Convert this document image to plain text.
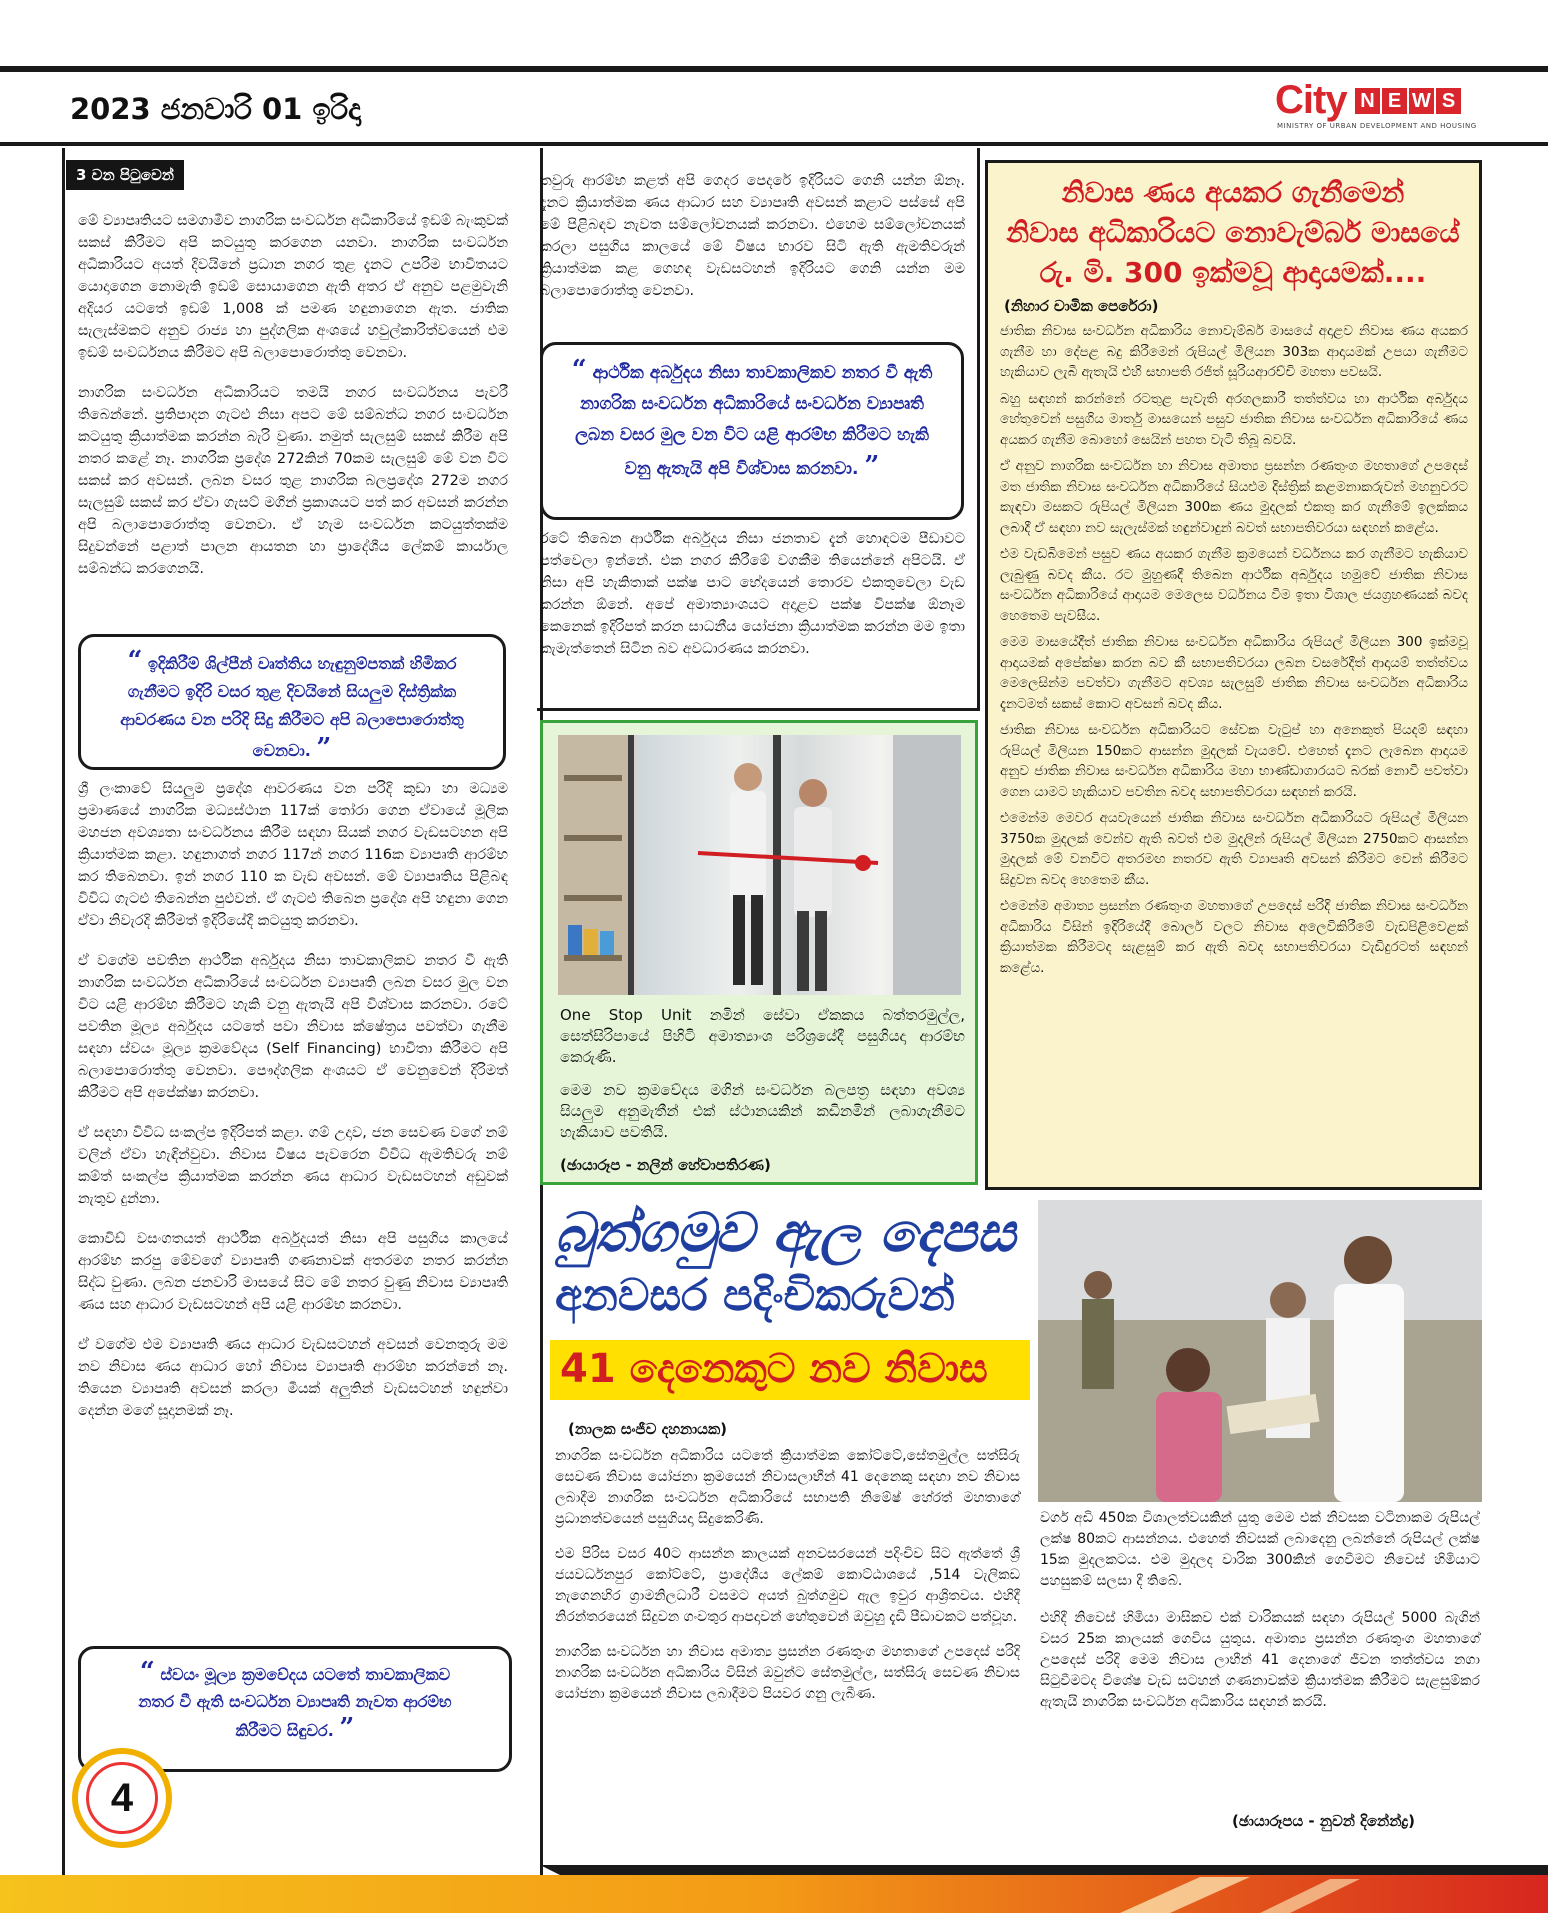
2023 ජනවාරි 01 ඉරිදා	City N E W S
MINISTRY OF URBAN DEVELOPMENT AND HOUSING
3 වන පිටුවෙන්

මේ ව්‍යාපෘතියට සමගාමීව නාගරික සංවර්ධන අධිකාරියේ ඉඩම් බැංකුවක් සකස් කිරීමට අපි කටයුතු කරගෙන යනවා. නාගරික සංවර්ධන අධිකාරියට අයත් දිවයිනේ ප්‍රධාන නගර තුළ දැනට උපරිම භාවිතයට යොදාගෙන නොමැති ඉඩම් සොයාගෙන ඇති අතර ඒ අනුව පළමුවැනි අදියර යටතේ ඉඩම් 1,008 ක් පමණ හඳුනාගෙන ඇත. ජාතික සැලැස්මකට අනුව රාජ්‍ය හා පුද්ගලික අංශයේ හවුල්කාරිත්වයෙන් එම ඉඩම් සංවර්ධනය කිරීමට අපි බලාපොරොත්තු වෙනවා.

නාගරික සංවර්ධන අධිකාරියට තමයි නගර සංවර්ධනය පැවරී තිබෙන්නේ. ප්‍රතිපාදන ගැටළු නිසා අපට මේ සම්බන්ධ නගර සංවර්ධන කටයුතු ක්‍රියාත්මක කරන්න බැරි වුණා. නමුත් සැලසුම් සකස් කිරීම අපි නතර කළේ නෑ. නාගරික ප්‍රදේශ 272කින් 70කම සැලසුම් මේ වන විට සකස් කර අවසන්. ලබන වසර තුළ නාගරික බලප්‍රදේශ 272ම නගර සැලසුම් සකස් කර ඒවා ගැසට් මගින් ප්‍රකාශයට පත් කර අවසන් කරන්න අපි බලාපොරොත්තු වෙනවා. ඒ හැම සංවර්ධන කටයුත්තක්ම සිදුවන්නේ පළාත් පාලන ආයතන හා ප්‍රාදේශීය ලේකම් කාර්යාල සම්බන්ධ කරගෙනයි.

“ ඉදිකිරීම් ශිල්පීන් වෘත්තිය හැඳුනුම්පතක් හිමිකර ගැනීමට ඉදිරි වසර තුළ දිවයිනේ සියලුම දිස්ත්‍රික්ක ආවරණය වන පරිදි සිදු කිරීමට අපි බලාපොරොත්තු වෙනවා. ”

ශ්‍රී ලංකාවේ සියලුම ප්‍රදේශ ආවරණය වන පරිදි කුඩා හා මධ්‍යම ප්‍රමාණයේ නාගරික මධ්‍යස්ථාන 117ක් තෝරා ගෙන ඒවායේ මූලික මහජන අවශ්‍යතා සංවර්ධනය කිරීම සඳහා සියක් නගර වැඩසටහන අපි ක්‍රියාත්මක කළා. හඳුනාගත් නගර 117න් නගර 116ක ව්‍යාපෘති ආරම්භ කර තිබෙනවා. ඉන් නගර 110 ක වැඩ අවසන්. මේ ව්‍යාපෘතිය පිළිබඳ විවිධ ගැටළු තිබෙන්න පුළුවන්. ඒ ගැටළු තිබෙන ප්‍රදේශ අපි හඳුනා ගෙන ඒවා නිවැරදි කිරීමත් ඉදිරියේදී කටයුතු කරනවා.

ඒ වගේම පවතින ආර්ථික අර්බුදය නිසා තාවකාලිකව නතර වී ඇති නාගරික සංවර්ධන අධිකාරියේ සංවර්ධන ව්‍යාපෘති ලබන වසර මුල වන විට යළි ආරම්භ කිරීමට හැකි වනු ඇතැයි අපි විශ්වාස කරනවා. රටේ පවතින මූල්‍ය අර්බුදය යටතේ පවා නිවාස ක්ෂේත්‍රය පවත්වා ගැනීම සඳහා ස්වයං මූල්‍ය ක්‍රමවේදය (Self Financing) භාවිතා කිරීමට අපි බලාපොරොත්තු වෙනවා. පෞද්ගලික අංශයට ඒ වෙනුවෙන් දිරිමත් කිරීමට අපි අපේක්ෂා කරනවා.

ඒ සඳහා විවිධ සංකල්ප ඉදිරිපත් කළා. ගම් උදාව, ජන සෙවණ වගේ නම් වලින් ඒවා හැඳින්වුවා. නිවාස විෂය පැවරෙන විවිධ ඇමතිවරු නම් කම්ත් සංකල්ප ක්‍රියාත්මක කරන්න ණය ආධාර වැඩසටහන් අඩුවක් නැතුව දුන්නා.

කොවිඩ් වසංගතයත් ආර්ථික අර්බුදයත් නිසා අපි පසුගිය කාලයේ ආරම්භ කරපු මේවගේ ව්‍යාපෘති ගණනාවක් අතරමග නතර කරන්න සිද්ධ වුණා. ලබන ජනවාරි මාසයේ සිට මේ නතර වුණු නිවාස ව්‍යාපෘති ණය සහ ආධාර වැඩසටහන් අපි යළි ආරම්භ කරනවා.

ඒ වගේම එම ව්‍යාපෘති ණය ආධාර වැඩසටහන් අවසන් වෙනතුරු මම නව නිවාස ණය ආධාර හෝ නිවාස ව්‍යාපෘති ආරම්භ කරන්නේ නෑ. තියෙන ව්‍යාපෘති අවසන් කරලා මීයක් අලුතින් වැඩසටහන් හඳුන්වා දෙන්න මගේ සූදානමක් නෑ.

“ ස්වයං මූල්‍ය ක්‍රමවේදය යටතේ තාවකාලිකව නතර වී ඇති සංවර්ධන ව්‍යාපෘති නැවත ආරම්භ කිරීමට සිඳුවර. ”
4

තවුරු ආරම්භ කළත් අපි ගෙදර පෙදරේ ඉදිරියට ගෙනි යන්න ඕනෑ. දැනට ක්‍රියාත්මක ණය ආධාර සහ ව්‍යාපෘති අවසන් කළාට පස්සේ අපි මේ පිළිබඳව නැවත සම්ලෝචනයක් කරනවා. එහෙම සම්ලෝචනයක් කරලා පසුගිය කාලයේ මේ විෂය භාරව සිටි ඇති ඇමතිවරුන් ක්‍රියාත්මක කළ ගෙහඳ වැඩසටහන් ඉදිරියට ගෙනි යන්න මම බලාපොරොත්තු වෙනවා.

“ ආර්ථික අර්බුදය නිසා තාවකාලිකව නතර වී ඇති නාගරික සංවර්ධන අධිකාරියේ සංවර්ධන ව්‍යාපෘති ලබන වසර මුල වන විට යළි ආරම්භ කිරීමට හැකි වනු ඇතැයි අපි විශ්වාස කරනවා. ”

රටේ තිබෙන ආර්ථික අර්බුදය නිසා ජනතාව දැන් හොඳටම පීඩාවට පත්වෙලා ඉන්නේ. එක නගර කිරීමේ වගකීම තියෙන්නේ අපිටයි. ඒ නිසා අපි හැකිතාක් පක්ෂ පාට භේදයෙන් තොරව එකතුවෙලා වැඩ කරන්න ඕනේ. අපේ අමාත්‍යාංශයට අදාළව පක්ෂ විපක්ෂ ඕනෑම කෙනෙක් ඉදිරිපත් කරන සාධනීය යෝජනා ක්‍රියාත්මක කරන්න මම ඉතා කැමැත්තෙන් සිටින බව අවධාරණය කරනවා.

One Stop Unit නමින් සේවා ඒකකය බත්තරමුල්ල, සෙත්සිරිපායේ පිහිටි අමාත්‍යාංශ පරිශ්‍රයේදී පසුගියදා ආරම්භ කෙරුණි.

මෙම නව ක්‍රමවේදය මගින් සංවර්ධන බලපත්‍ර සඳහා අවශ්‍ය සියලුම අනුමැතීන් එක් ස්ථානයකින් කඩිනමින් ලබාගැනීමට හැකියාව පවතියි.

(ඡායාරූප - නලින් හේවාපතිරණ)

නිවාස ණය අයකර ගැනීමෙන්
නිවාස අධිකාරියට නොවැම්බර් මාසයේ
රු. මි. 300 ඉක්මවූ ආදායමක්....
(නිහාර චාමික පෙරේරා)

ජාතික නිවාස සංවර්ධන අධිකාරිය නොවැම්බර් මාසයේ අදාළව නිවාස ණය අයකර ගැනීම හා දේපළ බදු කිරීමෙන් රුපියල් මිලියන 303ක ආදායමක් උපයා ගැනීමට හැකියාව ලැබී ඇතැයි එහි සභාපති රජිත් සූරියආරච්චි මහතා පවසයි.

බහු සඳහන් කරන්නේ රටතුළ පැවැති අරගලකාරී තත්ත්වය හා ආර්ථික අර්බුදය හේතුවෙන් පසුගිය මාර්තු මාසයෙන් පසුව ජාතික නිවාස සංවර්ධන අධිකාරියේ ණය අයකර ගැනීම බොහෝ සෙයින් පහත වැටී තිබූ බවයි.

ඒ අනුව නාගරික සංවර්ධන හා නිවාස අමාත්‍ය ප්‍රසන්න රණතුංග මහතාගේ උපදෙස් මත ජාතික නිවාස සංවර්ධන අධිකාරියේ සියළුම දිස්ත්‍රික් කළමනාකරුවන් මහනුවරට කැඳවා මසකට රුපියල් මිලියන 300ක ණය මුදලක් එකතු කර ගැනීමේ ඉලක්කය ලබාදී ඒ සඳහා නව සැලැස්මක් හඳුන්වාදුන් බවත් සභාපතිවරයා සඳහන් කළේය.

එම වැඩබිමෙන් පසුව ණය අයකර ගැනීම ක්‍රමයෙන් වර්ධනය කර ගැනීමට හැකියාව ලැබුණු බවද කීය. රට මුහුණදී තිබෙන ආර්ථික අර්බුදය හමුවේ ජාතික නිවාස සංවර්ධන අධිකාරියේ ආදායම මෙලෙස වර්ධනය වීම ඉතා විශාල ජයග්‍රහණයක් බවද හෙතෙම පැවසීය.

මෙම මාසයේදීත් ජාතික නිවාස සංවර්ධන අධිකාරිය රුපියල් මිලියන 300 ඉක්මවූ ආදායමක් අපේක්ෂා කරන බව කී සභාපතිවරයා ලබන වසරේදීත් ආදායම් තත්ත්වය මෙලෙසින්ම පවත්වා ගැනීමට අවශ්‍ය සැලසුම් ජාතික නිවාස සංවර්ධන අධිකාරිය දැනටමත් සකස් කොට අවසන් බවද කීය.

ජාතික නිවාස සංවර්ධන අධිකාරියට සේවක වැටුප් හා අනෙකුත් පියදම් සඳහා රුපියල් මිලියන 150කට ආසන්න මුදලක් වැයවේ. එහෙත් දැනට ලැබෙන ආදායම අනුව ජාතික නිවාස සංවර්ධන අධිකාරිය මහා භාණ්ඩාගාරයට බරක් නොවී පවත්වා ගෙන යාමට හැකියාව පවතින බවද සභාපතිවරයා සඳහන් කරයි.

එමෙන්ම මෙවර අයවැයෙන් ජාතික නිවාස සංවර්ධන අධිකාරියට රුපියල් මිලියන 3750ක මුදලක් වෙන්ව ඇති බවත් එම මුදලින් රුපියල් මිලියන 2750කට ආසන්න මුදලක් මේ වනවිට අතරමඟ නතරව ඇති ව්‍යාපෘති අවසන් කිරීමට වෙන් කිරීමට සිදුවන බවද හෙතෙම කීය.

එමෙන්ම අමාත්‍ය ප්‍රසන්න රණතුංග මහතාගේ උපදෙස් පරිදි ජාතික නිවාස සංවර්ධන අධිකාරිය විසින් ඉදිරියේදී බොලර් වලට නිවාස අලෙවිකිරීමේ වැඩපිළිවෙළක් ක්‍රියාත්මක කිරීමටද සැළසුම් කර ඇති බවද සභාපතිවරයා වැඩිදුරටත් සඳහන් කළේය.

බුත්ගමුව ඇල දෙපස
අනවසර පදිංචිකරුවන්
41 දෙනෙකුට නව නිවාස
(නාලක සංජීව දහනායක)

නාගරික සංවර්ධන අධිකාරිය යටතේ ක්‍රියාත්මක කෝට්ටේ,සේතමුල්ල සත්සිරු සෙවණ නිවාස යෝජනා ක්‍රමයෙන් නිවාසලාභීන් 41 දෙනෙකු සඳහා නව නිවාස ලබාදීම නාගරික සංවර්ධන අධිකාරියේ සභාපති නිමේෂ් හේරත් මහතාගේ ප්‍රධානත්වයෙන් පසුගියදා සිදුකෙරිණි.

එම පිරිස වසර 40ට ආසන්න කාලයක් අනවසරයෙන් පදිංචිව සිට ඇත්තේ ශ්‍රී ජයවර්ධනපුර කෝට්ටේ, ප්‍රාදේශීය ලේකම් කොට්ඨාශයේ ,514 වැලිකඩ නැගෙනහිර ග්‍රාමනිලධාරී වසමට අයත් බුත්ගමුව ඇල ඉවුර ආශ්‍රිතවය. එහිදී නිරන්තරයෙන් සිදුවන ගංවතුර ආපදාවන් හේතුවෙන් ඔවුහු දැඩි පීඩාවකට පත්වූහ.

නාගරික සංවර්ධන හා නිවාස අමාත්‍ය ප්‍රසන්න රණතුංග මහතාගේ උපදෙස් පරිදි නාගරික සංවර්ධන අධිකාරිය විසින් ඔවුන්ට සේතමුල්ල, සත්සිරු සෙවණ නිවාස යෝජනා ක්‍රමයෙන් නිවාස ලබාදීමට පියවර ගනු ලැබීණ.

වර්ග අඩි 450ක විශාලත්වයකින් යුතු මෙම එක් නිවසක වටිනාකම රුපියල් ලක්ෂ 80කට ආසන්නය. එහෙත් නිවසක් ලබාදෙනු ලබන්නේ රුපියල් ලක්ෂ 15ක මුදලකටය. එම මුදලද වාරික 300කින් ගෙවීමට නිවෙස් හිමියාට පහසුකම් සලසා දී තිබේ.

එහිදී නිවෙස් හිමියා මාසිකව එක් වාරිකයක් සඳහා රුපියල් 5000 බැගින් වසර 25ක කාලයක් ගෙවිය යුතුය. අමාත්‍ය ප්‍රසන්න රණතුංග මහතාගේ උපදෙස් පරිදි මෙම නිවාස ලාභීන් 41 දෙනාගේ ජීවන තත්ත්වය නගා සිටුවීමටද විශේෂ වැඩ සටහන් ගණනාවක්ම ක්‍රියාත්මක කිරීමට සැළසුම්කර ඇතැයි නාගරික සංවර්ධන අධිකාරිය සඳහන් කරයි.

(ඡායාරූපය - නුවන් දිනේන්ද්‍ර)
